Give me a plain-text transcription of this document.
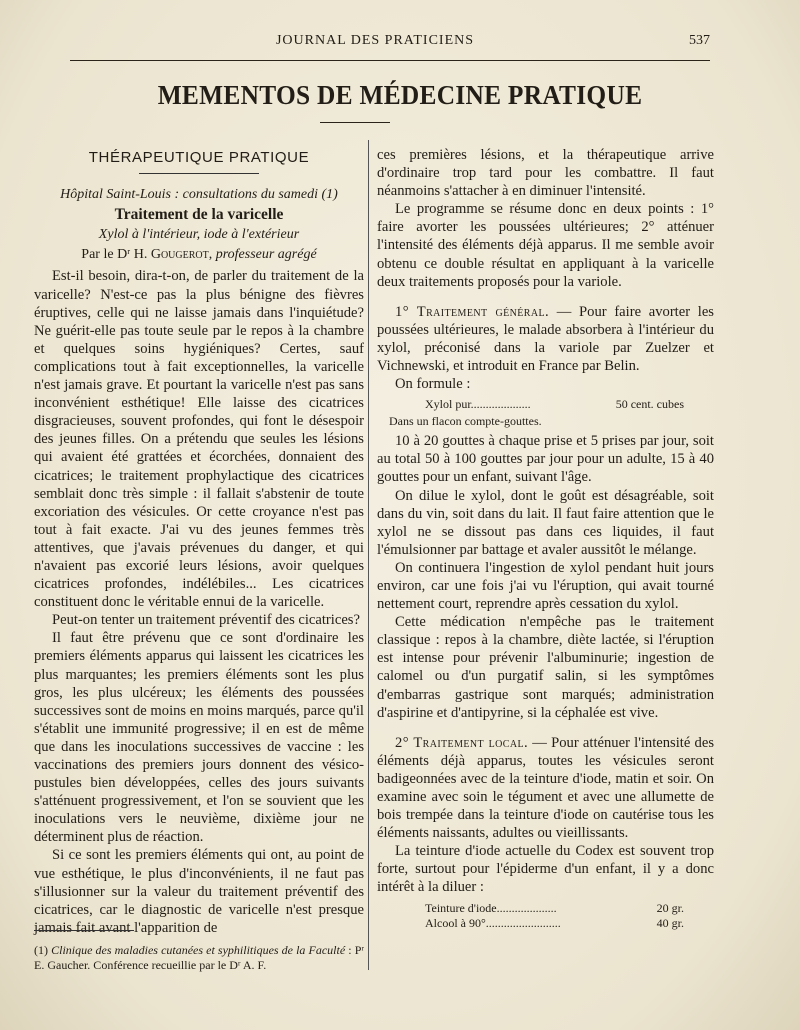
JOURNAL DES PRATICIENS	537
MEMENTOS DE MÉDECINE PRATIQUE
THÉRAPEUTIQUE PRATIQUE
Hôpital Saint-Louis : consultations du samedi (1)
Traitement de la varicelle
Xylol à l'intérieur, iode à l'extérieur
Par le Dʳ H. Gougerot, professeur agrégé

Est-il besoin, dira-t-on, de parler du traitement de la varicelle? N'est-ce pas la plus bénigne des fièvres éruptives, celle qui ne laisse jamais dans l'inquiétude? Ne guérit-elle pas toute seule par le repos à la chambre et quelques soins hygiéniques? Certes, sauf complications tout à fait exceptionnelles, la varicelle n'est jamais grave. Et pourtant la varicelle n'est pas sans inconvénient esthétique! Elle laisse des cicatrices disgracieuses, souvent profondes, qui font le désespoir des jeunes filles. On a prétendu que seules les lésions qui avaient été grattées et écorchées, donnaient des cicatrices; le traitement prophylactique des cicatrices semblait donc très simple : il fallait s'abstenir de toute excoriation des vésicules. Or cette croyance n'est pas tout à fait exacte. J'ai vu des jeunes femmes très attentives, que j'avais prévenues du danger, et qui n'avaient pas excorié leurs lésions, avoir quelques cicatrices profondes, indélébiles... Les cicatrices constituent donc le véritable ennui de la varicelle.

Peut-on tenter un traitement préventif des cicatrices?

Il faut être prévenu que ce sont d'ordinaire les premiers éléments apparus qui laissent les cicatrices les plus marquantes; les premiers éléments sont les plus gros, les plus ulcéreux; les éléments des poussées successives sont de moins en moins marqués, parce qu'il s'établit une immunité progressive; il en est de même que dans les inoculations successives de vaccine : les vaccinations des premiers jours donnent des vésico-pustules bien développées, celles des jours suivants s'atténuent progressivement, et l'on se souvient que les inoculations vers le neuvième, dixième jour ne déterminent plus de réaction.

Si ce sont les premiers éléments qui ont, au point de vue esthétique, le plus d'inconvénients, il ne faut pas s'illusionner sur la valeur du traitement préventif des cicatrices, car le diagnostic de varicelle n'est presque jamais fait avant l'apparition de

(1) Clinique des maladies cutanées et syphilitiques de la Faculté : Pʳ E. Gaucher. Conférence recueillie par le Dʳ A. F.

ces premières lésions, et la thérapeutique arrive d'ordinaire trop tard pour les combattre. Il faut néanmoins s'attacher à en diminuer l'intensité.

Le programme se résume donc en deux points : 1° faire avorter les poussées ultérieures; 2° atténuer l'intensité des éléments déjà apparus. Il me semble avoir obtenu ce double résultat en appliquant à la varicelle deux traitements proposés pour la variole.

1° Traitement général. — Pour faire avorter les poussées ultérieures, le malade absorbera à l'intérieur du xylol, préconisé dans la variole par Zuelzer et Vichnewski, et introduit en France par Belin.

On formule :

Xylol pur....................	50 cent. cubes
Dans un flacon compte-gouttes.

10 à 20 gouttes à chaque prise et 5 prises par jour, soit au total 50 à 100 gouttes par jour pour un adulte, 15 à 40 gouttes pour un enfant, suivant l'âge.

On dilue le xylol, dont le goût est désagréable, soit dans du vin, soit dans du lait. Il faut faire attention que le xylol ne se dissout pas dans ces liquides, il faut l'émulsionner par battage et avaler aussitôt le mélange.

On continuera l'ingestion de xylol pendant huit jours environ, car une fois j'ai vu l'éruption, qui avait tourné nettement court, reprendre après cessation du xylol.

Cette médication n'empêche pas le traitement classique : repos à la chambre, diète lactée, si l'éruption est intense pour prévenir l'albuminurie; ingestion de calomel ou d'un purgatif salin, si les symptômes d'embarras gastrique sont marqués; administration d'aspirine et d'antipyrine, si la céphalée est vive.

2° Traitement local. — Pour atténuer l'intensité des éléments déjà apparus, toutes les vésicules seront badigeonnées avec de la teinture d'iode, matin et soir. On examine avec soin le tégument et avec une allumette de bois trempée dans la teinture d'iode on cautérise tous les éléments naissants, adultes ou vieillissants.

La teinture d'iode actuelle du Codex est souvent trop forte, surtout pour l'épiderme d'un enfant, il y a donc intérêt à la diluer :

Teinture d'iode....................	20 gr.
Alcool à 90°.........................	40 gr.
